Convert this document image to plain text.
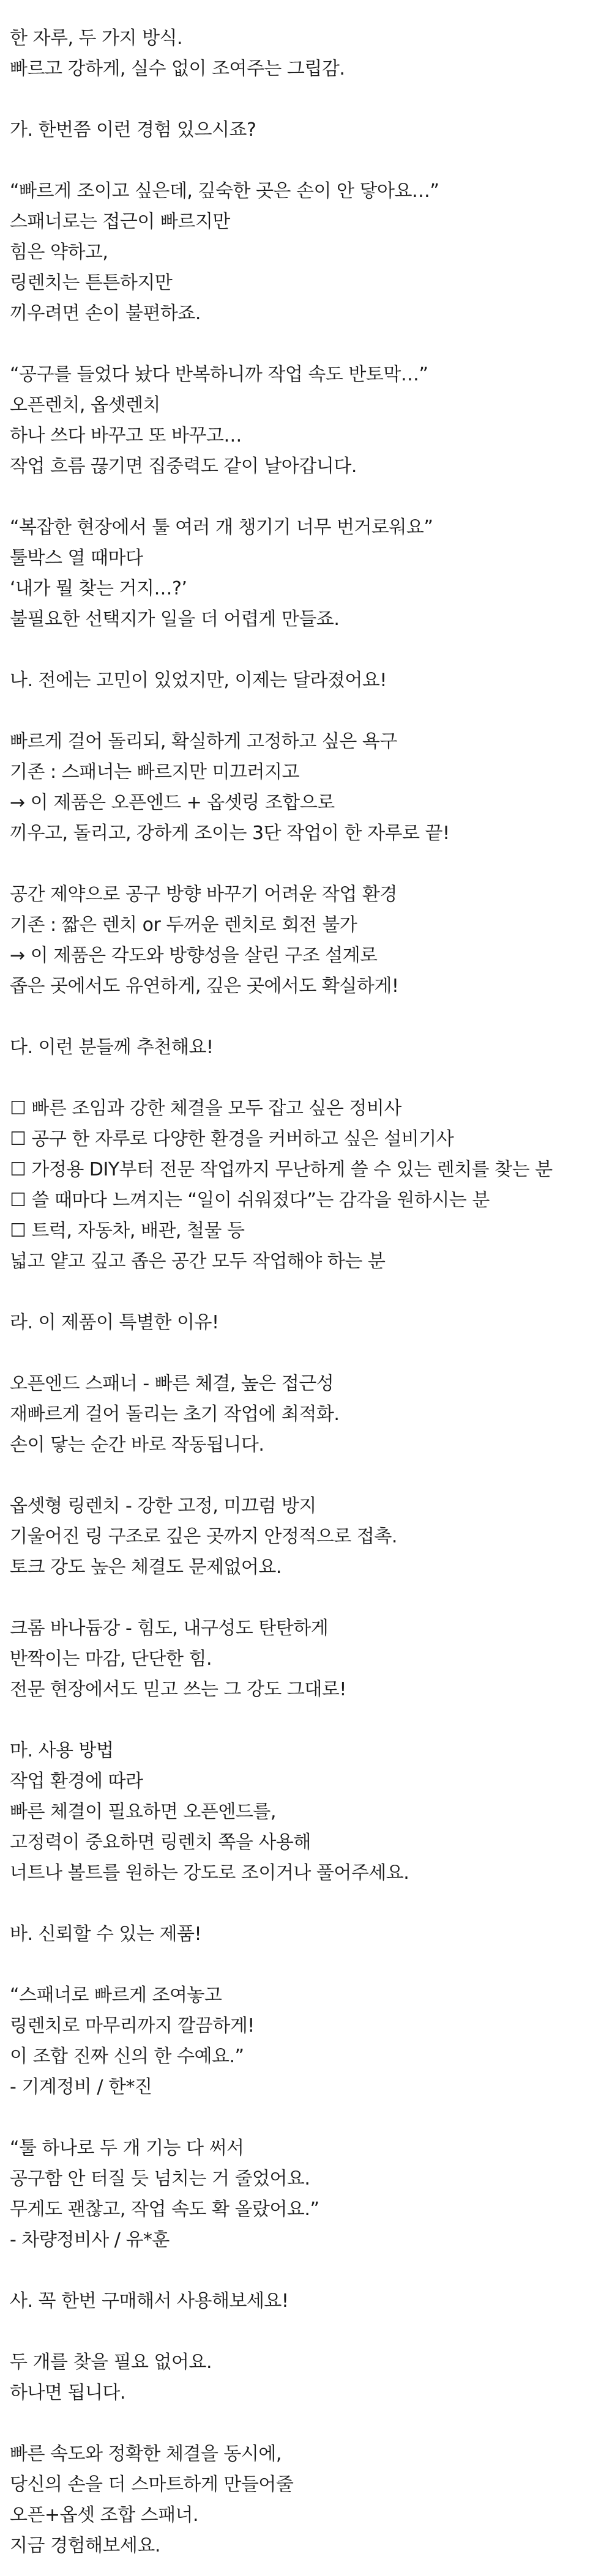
한 자루, 두 가지 방식.
빠르고 강하게, 실수 없이 조여주는 그립감.
가. 한번쯤 이런 경험 있으시죠?
“빠르게 조이고 싶은데, 깊숙한 곳은 손이 안 닿아요…”
스패너로는 접근이 빠르지만
힘은 약하고,
링렌치는 튼튼하지만
끼우려면 손이 불편하죠.
“공구를 들었다 놨다 반복하니까 작업 속도 반토막…”
오픈렌치, 옵셋렌치
하나 쓰다 바꾸고 또 바꾸고…
작업 흐름 끊기면 집중력도 같이 날아갑니다.
“복잡한 현장에서 툴 여러 개 챙기기 너무 번거로워요”
툴박스 열 때마다
‘내가 뭘 찾는 거지…?’
불필요한 선택지가 일을 더 어렵게 만들죠.
나. 전에는 고민이 있었지만, 이제는 달라졌어요!
빠르게 걸어 돌리되, 확실하게 고정하고 싶은 욕구
기존 : 스패너는 빠르지만 미끄러지고
→ 이 제품은 오픈엔드 + 옵셋링 조합으로
끼우고, 돌리고, 강하게 조이는 3단 작업이 한 자루로 끝!
공간 제약으로 공구 방향 바꾸기 어려운 작업 환경
기존 : 짧은 렌치 or 두꺼운 렌치로 회전 불가
→ 이 제품은 각도와 방향성을 살린 구조 설계로
좁은 곳에서도 유연하게, 깊은 곳에서도 확실하게!
다. 이런 분들께 추천해요!
☐ 빠른 조임과 강한 체결을 모두 잡고 싶은 정비사
☐ 공구 한 자루로 다양한 환경을 커버하고 싶은 설비기사
☐ 가정용 DIY부터 전문 작업까지 무난하게 쓸 수 있는 렌치를 찾는 분
☐ 쓸 때마다 느껴지는 “일이 쉬워졌다”는 감각을 원하시는 분
☐ 트럭, 자동차, 배관, 철물 등
넓고 얕고 깊고 좁은 공간 모두 작업해야 하는 분
라. 이 제품이 특별한 이유!
오픈엔드 스패너 - 빠른 체결, 높은 접근성
재빠르게 걸어 돌리는 초기 작업에 최적화.
손이 닿는 순간 바로 작동됩니다.
옵셋형 링렌치 - 강한 고정, 미끄럼 방지
기울어진 링 구조로 깊은 곳까지 안정적으로 접촉.
토크 강도 높은 체결도 문제없어요.
크롬 바나듐강 - 힘도, 내구성도 탄탄하게
반짝이는 마감, 단단한 힘.
전문 현장에서도 믿고 쓰는 그 강도 그대로!
마. 사용 방법
작업 환경에 따라
빠른 체결이 필요하면 오픈엔드를,
고정력이 중요하면 링렌치 쪽을 사용해
너트나 볼트를 원하는 강도로 조이거나 풀어주세요.
바. 신뢰할 수 있는 제품!
“스패너로 빠르게 조여놓고
링렌치로 마무리까지 깔끔하게!
이 조합 진짜 신의 한 수예요.”
- 기계정비 / 한*진
“툴 하나로 두 개 기능 다 써서
공구함 안 터질 듯 넘치는 거 줄었어요.
무게도 괜찮고, 작업 속도 확 올랐어요.”
- 차량정비사 / 유*훈
사. 꼭 한번 구매해서 사용해보세요!
두 개를 찾을 필요 없어요.
하나면 됩니다.
빠른 속도와 정확한 체결을 동시에,
당신의 손을 더 스마트하게 만들어줄
오픈+옵셋 조합 스패너.
지금 경험해보세요.
